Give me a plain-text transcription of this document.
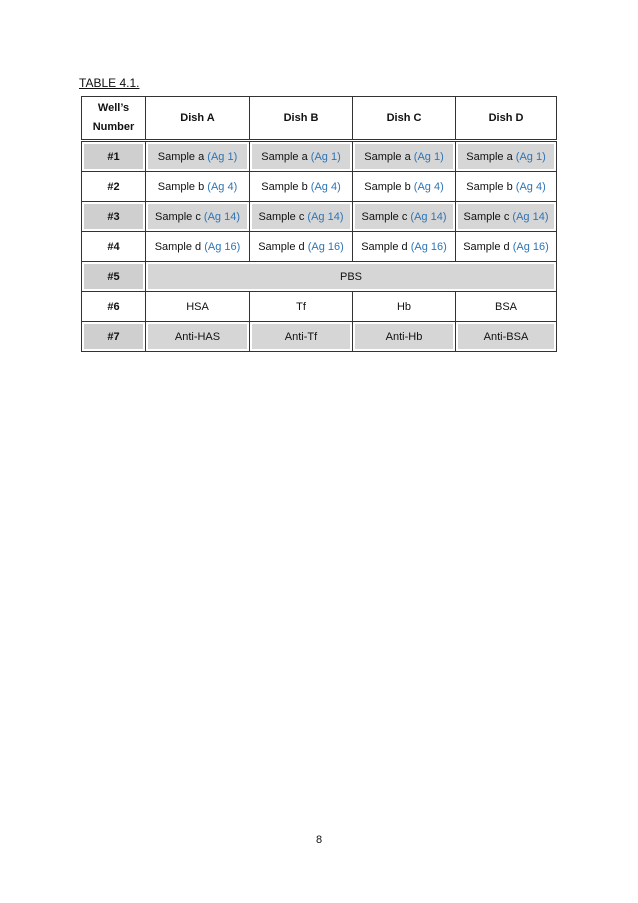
TABLE 4.1.
Well’s
Number	Dish A	Dish B	Dish C	Dish D
#1	Sample a (Ag 1)	Sample a (Ag 1)	Sample a (Ag 1)	Sample a (Ag 1)
#2	Sample b (Ag 4)	Sample b (Ag 4)	Sample b (Ag 4)	Sample b (Ag 4)
#3	Sample c (Ag 14)	Sample c (Ag 14)	Sample c (Ag 14)	Sample c (Ag 14)
#4	Sample d (Ag 16)	Sample d (Ag 16)	Sample d (Ag 16)	Sample d (Ag 16)
#5	PBS			
#6	HSA	Tf	Hb	BSA
#7	Anti-HAS	Anti-Tf	Anti-Hb	Anti-BSA
8
